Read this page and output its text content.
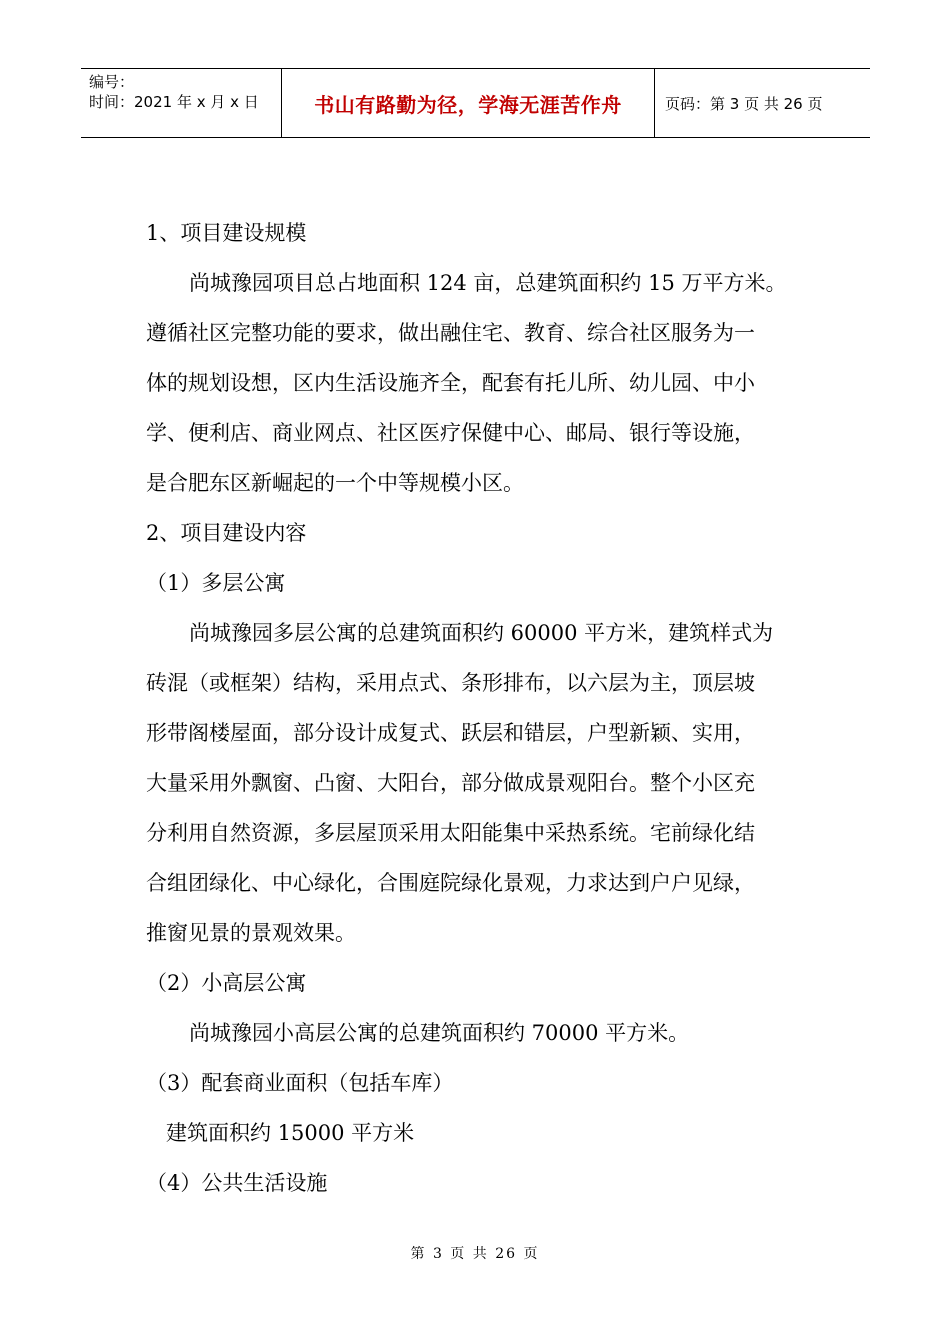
编号：
时间：2021 年 x 月 x 日	书山有路勤为径，学海无涯苦作舟	页码：第 3 页 共 26 页
1、项目建设规模
尚城豫园项目总占地面积 124 亩，总建筑面积约 15 万平方米。
遵循社区完整功能的要求，做出融住宅、教育、综合社区服务为一
体的规划设想，区内生活设施齐全，配套有托儿所、幼儿园、中小
学、便利店、商业网点、社区医疗保健中心、邮局、银行等设施，
是合肥东区新崛起的一个中等规模小区。
2、项目建设内容
（1）多层公寓
尚城豫园多层公寓的总建筑面积约 60000 平方米，建筑样式为
砖混（或框架）结构，采用点式、条形排布，以六层为主，顶层坡
形带阁楼屋面，部分设计成复式、跃层和错层，户型新颖、实用，
大量采用外飘窗、凸窗、大阳台，部分做成景观阳台。整个小区充
分利用自然资源，多层屋顶采用太阳能集中采热系统。宅前绿化结
合组团绿化、中心绿化，合围庭院绿化景观，力求达到户户见绿，
推窗见景的景观效果。
（2）小高层公寓
尚城豫园小高层公寓的总建筑面积约 70000 平方米。
（3）配套商业面积（包括车库）
建筑面积约 15000 平方米
（4）公共生活设施
第 3 页 共 26 页
